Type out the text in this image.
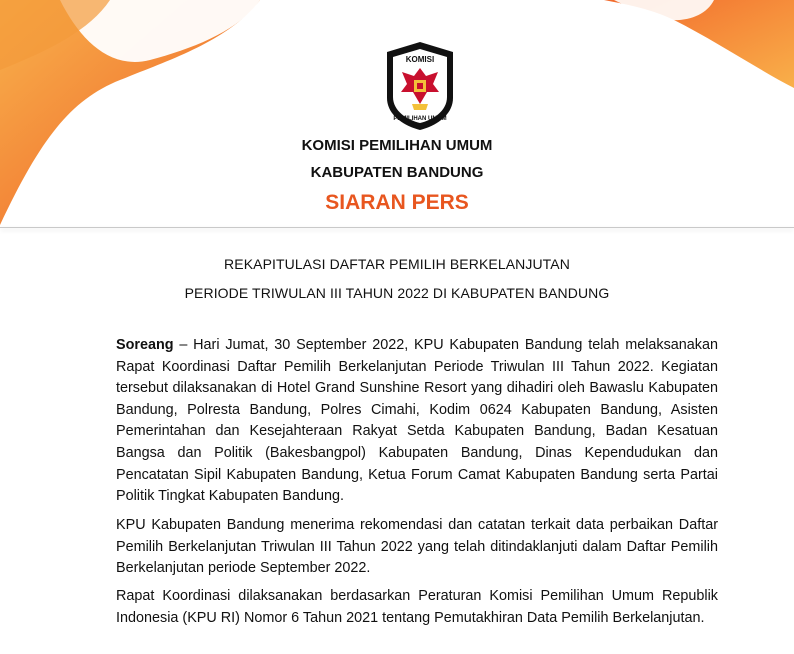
KOMISI
PEMILIHAN UMUM
KOMISI PEMILIHAN UMUM
KABUPATEN BANDUNG
SIARAN PERS
REKAPITULASI DAFTAR PEMILIH BERKELANJUTAN
PERIODE TRIWULAN III TAHUN 2022 DI KABUPATEN BANDUNG
Soreang – Hari Jumat, 30 September 2022, KPU Kabupaten Bandung telah melaksanakan Rapat Koordinasi Daftar Pemilih Berkelanjutan Periode Triwulan III Tahun 2022. Kegiatan tersebut dilaksanakan di Hotel Grand Sunshine Resort yang dihadiri oleh Bawaslu Kabupaten Bandung, Polresta Bandung, Polres Cimahi, Kodim 0624 Kabupaten Bandung, Asisten Pemerintahan dan Kesejahteraan Rakyat Setda Kabupaten Bandung, Badan Kesatuan Bangsa dan Politik (Bakesbangpol) Kabupaten Bandung, Dinas Kependudukan dan Pencatatan Sipil Kabupaten Bandung, Ketua Forum Camat Kabupaten Bandung serta Partai Politik Tingkat Kabupaten Bandung.
KPU Kabupaten Bandung menerima rekomendasi dan catatan terkait data perbaikan Daftar Pemilih Berkelanjutan Triwulan III Tahun 2022 yang telah ditindaklanjuti dalam Daftar Pemilih Berkelanjutan periode September 2022.
Rapat Koordinasi dilaksanakan berdasarkan Peraturan Komisi Pemilihan Umum Republik Indonesia (KPU RI) Nomor 6 Tahun 2021 tentang Pemutakhiran Data Pemilih Berkelanjutan.
